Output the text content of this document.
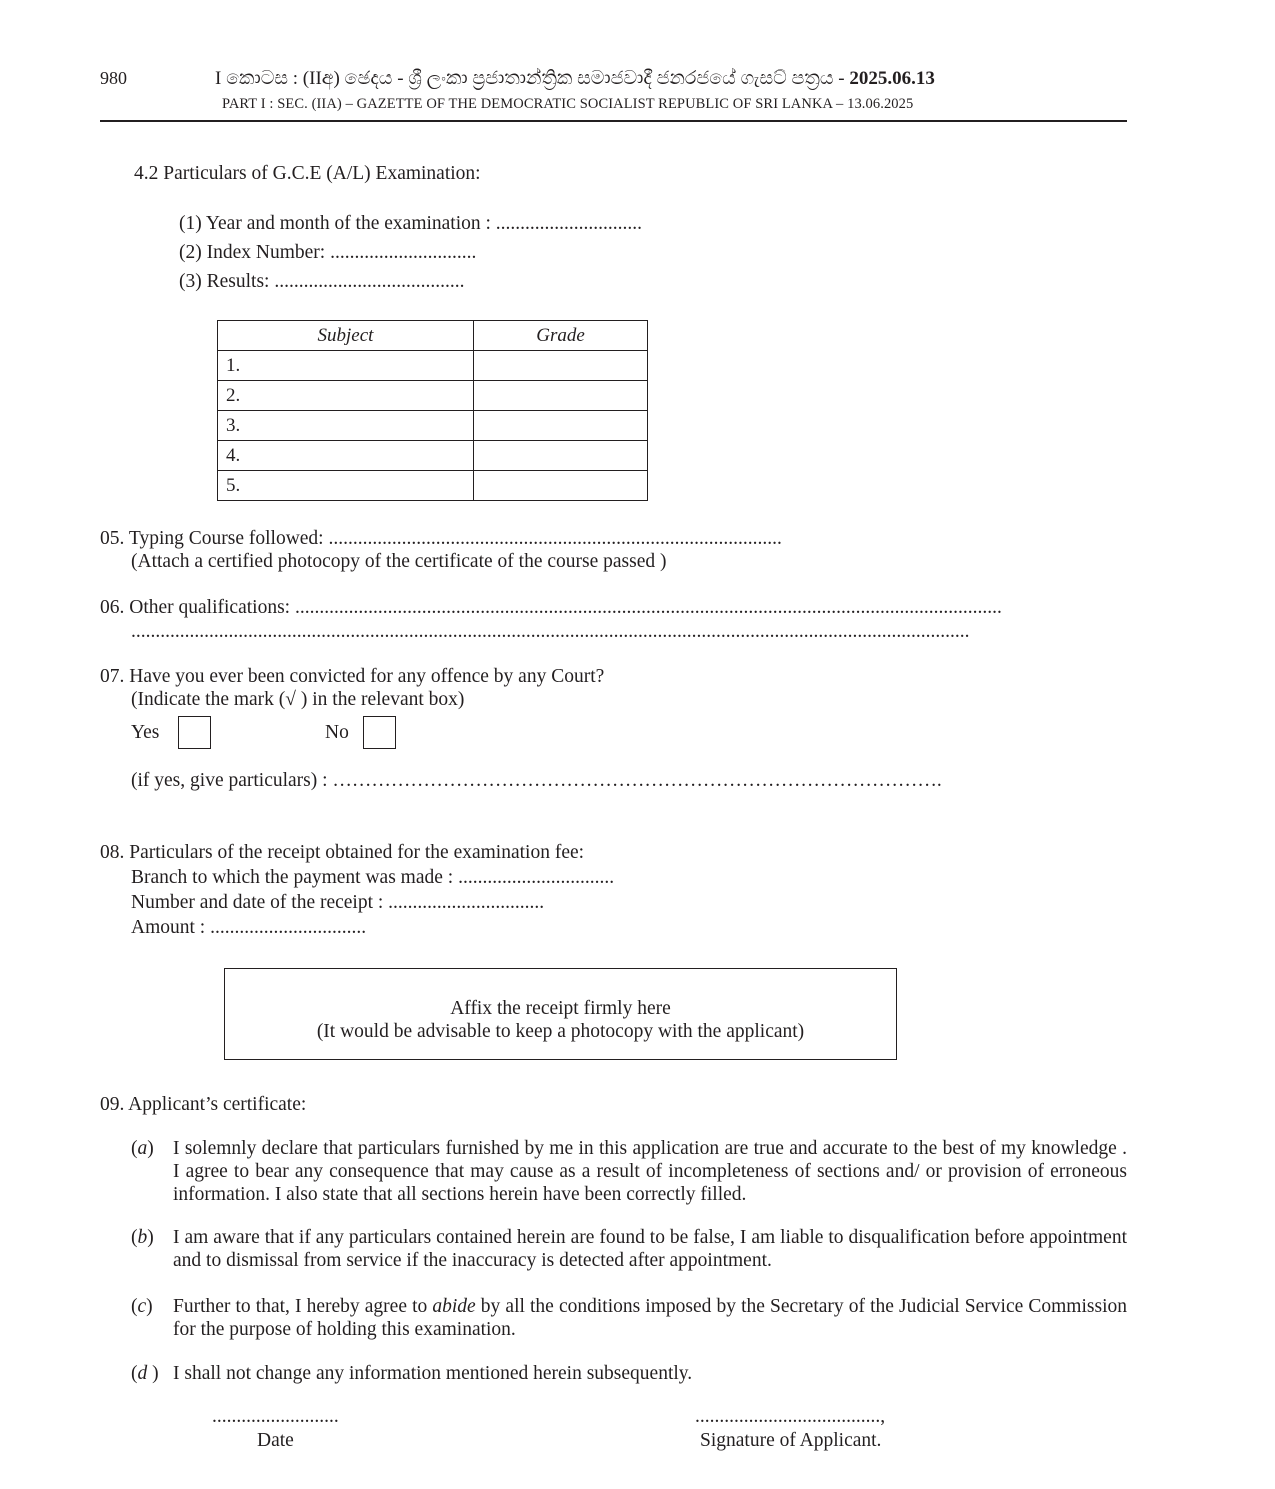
980	I කොටස : (IIඅ) ඡෙදය - ශ්‍රී ලංකා ප්‍රජාතාන්ත්‍රික සමාජවාදී ජනරජයේ ගැසට් පත්‍රය - 2025.06.13
PART I : SEC. (IIA) – GAZETTE OF THE DEMOCRATIC SOCIALIST REPUBLIC OF SRI LANKA – 13.06.2025
4.2 Particulars of G.C.E (A/L) Examination:
(1) Year and month of the examination : ..............................
(2) Index Number: ..............................
(3) Results: .......................................
Subject	Grade
1.	
2.	
3.	
4.	
5.	
05. Typing Course followed: .............................................................................................
(Attach a certified photocopy of the certificate of the course passed )
06. Other qualifications: .................................................................................................................................................
............................................................................................................................................................................
07. Have you ever been convicted for any offence by any Court?
(Indicate the mark (√ ) in the relevant box)
Yes	No
(if yes, give particulars) : ………………………………………………………………………………….
08. Particulars of the receipt obtained for the examination fee:
Branch to which the payment was made : ................................
Number and date of the receipt : ................................
Amount : ................................
Affix the receipt firmly here
(It would be advisable to keep a photocopy with the applicant)
09. Applicant’s certificate:
(a) I solemnly declare that particulars furnished by me in this application are true and accurate to the best of my knowledge . I agree to bear any consequence that may cause as a result of incompleteness of sections and/ or provision of erroneous information. I also state that all sections herein have been correctly filled.
(b) I am aware that if any particulars contained herein are found to be false, I am liable to disqualification before appointment and to dismissal from service if the inaccuracy is detected after appointment.
(c) Further to that, I hereby agree to abide by all the conditions imposed by the Secretary of the Judicial Service Commission for the purpose of holding this examination.
(d ) I shall not change any information mentioned herein subsequently.
..........................
Date
......................................,
Signature of Applicant.
